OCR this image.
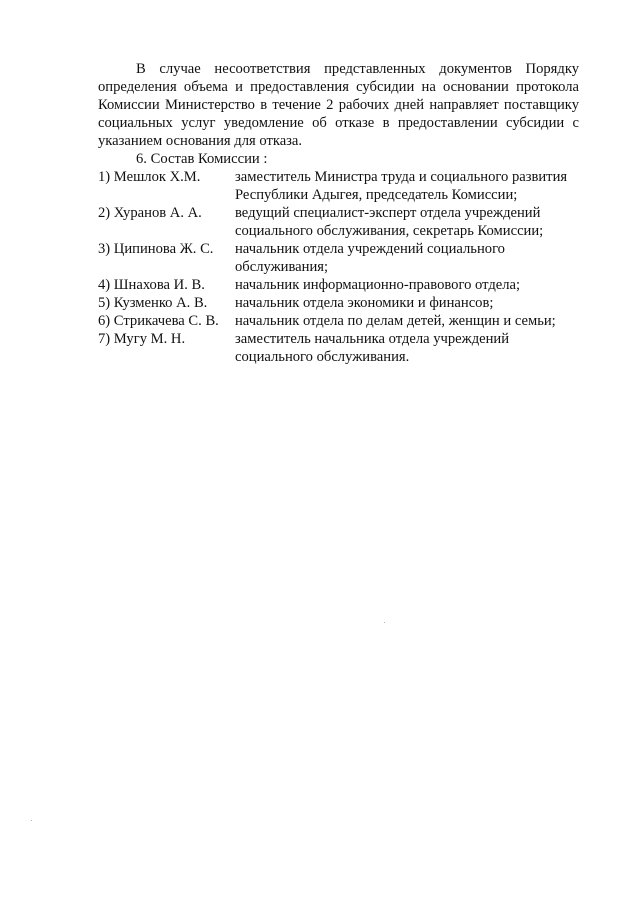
В случае несоответствия представленных документов Порядку определения объема и предоставления субсидии на основании протокола Комиссии Министерство в течение 2 рабочих дней направляет поставщику социальных услуг уведомление об отказе в предоставлении субсидии с указанием основания для отказа.

6. Состав Комиссии :

1) Мешлок Х.М.	заместитель Министра труда и социального развития Республики Адыгея, председатель Комиссии;
2) Хуранов А. А.	ведущий специалист-эксперт отдела учреждений социального обслуживания, секретарь Комиссии;
3) Ципинова Ж. С.	начальник отдела учреждений социального обслуживания;
4) Шнахова И. В.	начальник информационно-правового отдела;
5) Кузменко А. В.	начальник отдела экономики и финансов;
6) Стрикачева С. В.	начальник отдела по делам детей, женщин и семьи;
7) Мугу М. Н.	заместитель начальника отдела учреждений социального обслуживания.
